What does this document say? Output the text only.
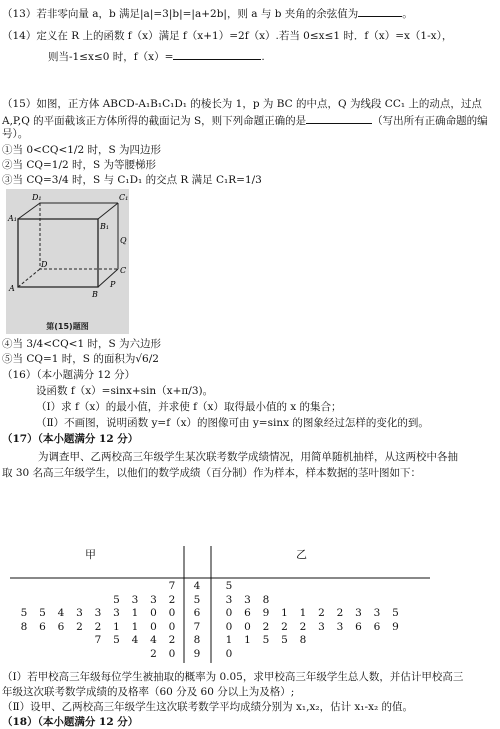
（13）若非零向量 a，b 满足|a|=3|b|=|a+2b|，则 a 与 b 夹角的余弦值为	。
（14）定义在 R 上的函数 f（x）满足 f（x+1）=2f（x）.若当 0≤x≤1 时．f（x）=x（1-x），
则当-1≤x≤0 时，f（x）=	.
（15）如图，正方体 ABCD-A₁B₁C₁D₁ 的棱长为 1，p 为 BC 的中点，Q 为线段 CC₁ 上的动点，过点
A,P,Q 的平面截该正方体所得的截面记为 S，则下列命题正确的是	（写出所有正确命题的编
号）。
①当 0<CQ<1/2 时，S 为四边形
②当 CQ=1/2 时，S 为等腰梯形
③当 CQ=3/4 时，S 与 C₁D₁ 的交点 R 满足 C₁R=1/3
D₁
A₁
B₁
C₁
D
A
B
C
P
Q
第(15)题图
④当 3/4<CQ<1 时，S 为六边形
⑤当 CQ=1 时，S 的面积为√6/2
（16）（本小题满分 12 分）
设函数 f（x）=sinx+sin（x+π/3)。
（Ⅰ）求 f（x）的最小值，并求使 f（x）取得最小值的 x 的集合；
（Ⅱ）不画图，说明函数 y=f（x）的图像可由 y=sinx 的图象经过怎样的变化的到。
（17）（本小题满分 12 分）
为调查甲、乙两校高三年级学生某次联考数学成绩情况，用简单随机抽样，从这两校中各抽
取 30 名高三年级学生，以他们的数学成绩（百分制）作为样本，样本数据的茎叶图如下：
甲	乙
7	4	5
5 3 3 2	5	3 3 8
5 5 4 3 3 3 1 0 0	6	0 6 9 1 1 2 2 3 3 5
8 6 6 2 2 1 1 0 0	7	0 0 2 2 2 3 3 6 6 9
7 5 4 4 2	8	1 1 5 5 8
2 0	9	0
（Ⅰ）若甲校高三年级每位学生被抽取的概率为 0.05，求甲校高三年级学生总人数，并估计甲校高三
年级这次联考数学成绩的及格率（60 分及 60 分以上为及格）;
（Ⅱ）设甲、乙两校高三年级学生这次联考数学平均成绩分别为 x₁,x₂，估计 x₁-x₂ 的值。
（18）（本小题满分 12 分）
